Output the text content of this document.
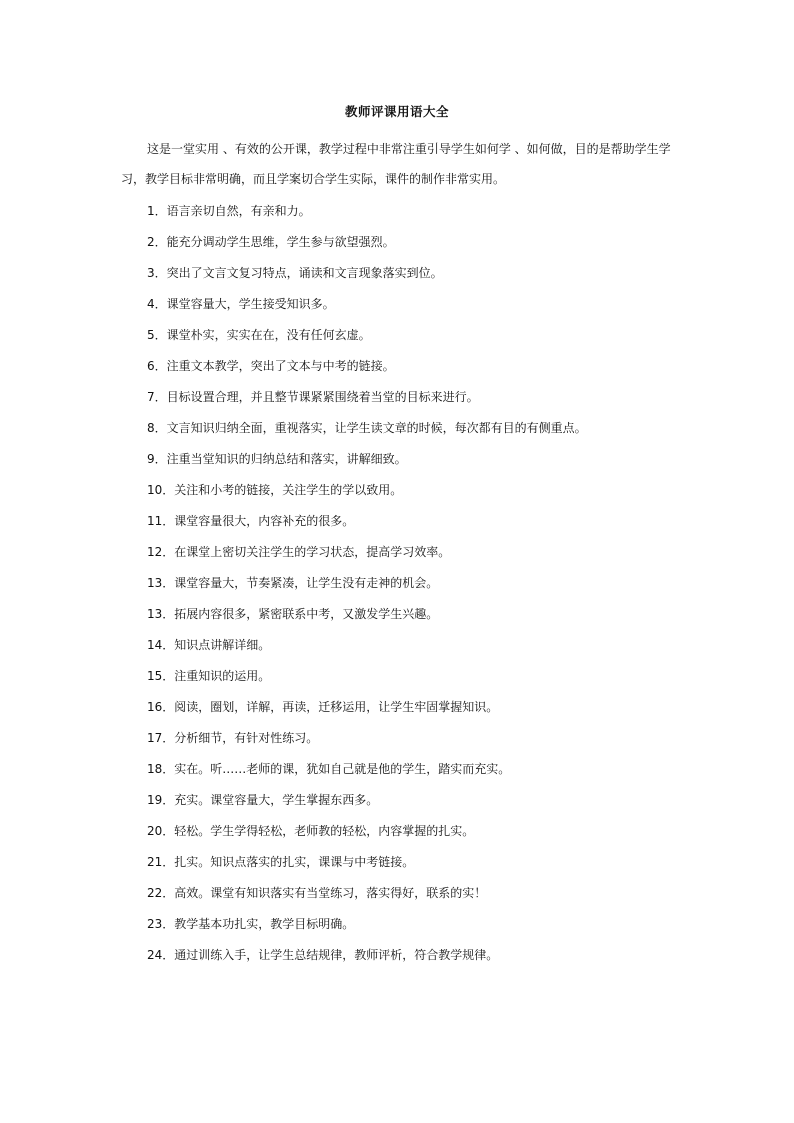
教师评课用语大全

这是一堂实用 、有效的公开课，教学过程中非常注重引导学生如何学 、如何做，目的是帮助学生学习，教学目标非常明确，而且学案切合学生实际，课件的制作非常实用。

1．语言亲切自然，有亲和力。
2．能充分调动学生思维，学生参与欲望强烈。
3．突出了文言文复习特点，诵读和文言现象落实到位。
4．课堂容量大，学生接受知识多。
5．课堂朴实，实实在在，没有任何玄虚。
6．注重文本教学，突出了文本与中考的链接。
7．目标设置合理，并且整节课紧紧围绕着当堂的目标来进行。
8．文言知识归纳全面，重视落实，让学生读文章的时候，每次都有目的有侧重点。
9．注重当堂知识的归纳总结和落实，讲解细致。
10．关注和小考的链接，关注学生的学以致用。
11．课堂容量很大，内容补充的很多。
12．在课堂上密切关注学生的学习状态，提高学习效率。
13．课堂容量大，节奏紧凑，让学生没有走神的机会。
13．拓展内容很多，紧密联系中考，又激发学生兴趣。
14．知识点讲解详细。
15．注重知识的运用。
16．阅读，圈划，详解，再读，迁移运用，让学生牢固掌握知识。
17．分析细节，有针对性练习。
18．实在。听……老师的课，犹如自己就是他的学生，踏实而充实。
19．充实。课堂容量大，学生掌握东西多。
20．轻松。学生学得轻松，老师教的轻松，内容掌握的扎实。
21．扎实。知识点落实的扎实，课课与中考链接。
22．高效。课堂有知识落实有当堂练习，落实得好，联系的实！
23．教学基本功扎实，教学目标明确。
24．通过训练入手，让学生总结规律，教师评析，符合教学规律。
